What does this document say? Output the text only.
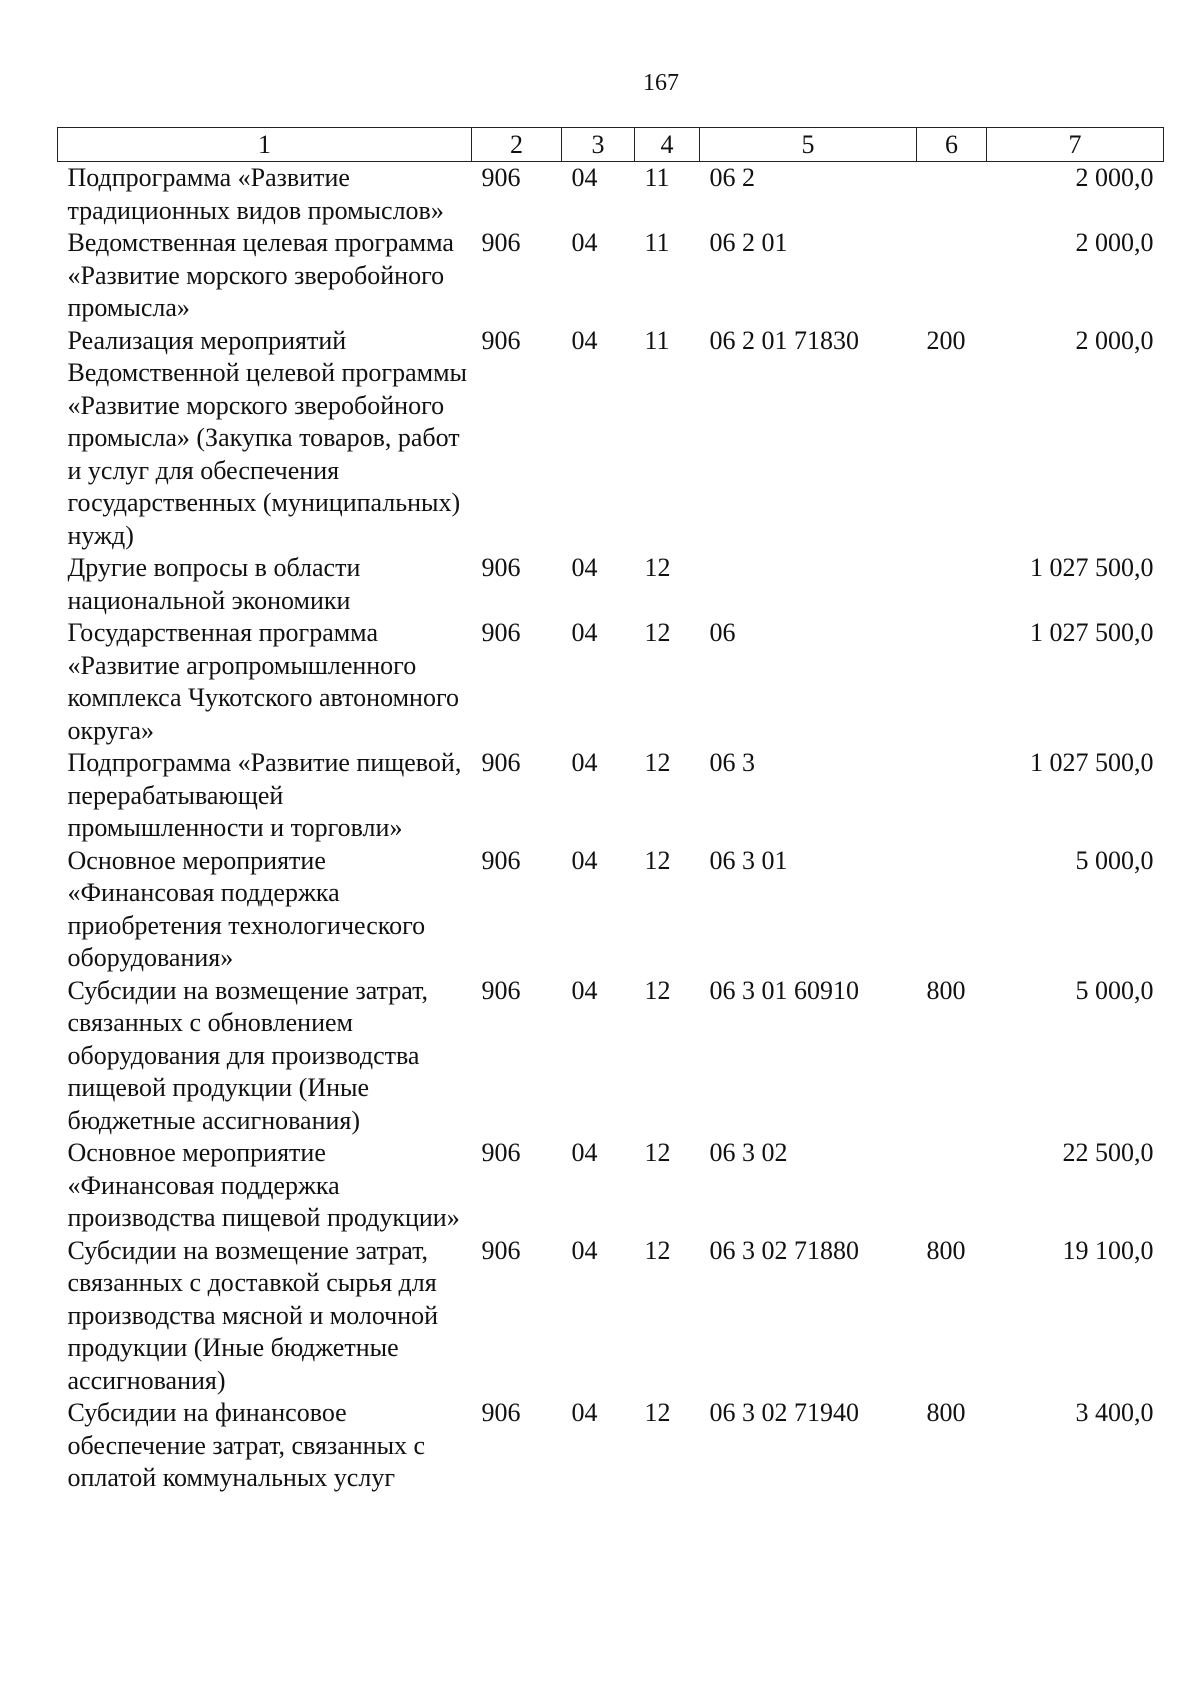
167
1	2	3	4	5	6	7
Подпрограмма «Развитие традиционных видов промыслов»	906	04	11	06 2		2 000,0
Ведомственная целевая программа «Развитие морского зверобойного промысла»	906	04	11	06 2 01		2 000,0
Реализация мероприятий Ведомственной целевой программы «Развитие морского зверобойного промысла» (Закупка товаров, работ и услуг для обеспечения государственных (муниципальных) нужд)	906	04	11	06 2 01 71830	200	2 000,0
Другие вопросы в области национальной экономики	906	04	12			1 027 500,0
Государственная программа «Развитие агропромышленного комплекса Чукотского автономного округа»	906	04	12	06		1 027 500,0
Подпрограмма «Развитие пищевой, перерабатывающей промышленности и торговли»	906	04	12	06 3		1 027 500,0
Основное мероприятие «Финансовая поддержка приобретения технологического оборудования»	906	04	12	06 3 01		5 000,0
Субсидии на возмещение затрат, связанных с обновлением оборудования для производства пищевой продукции (Иные бюджетные ассигнования)	906	04	12	06 3 01 60910	800	5 000,0
Основное мероприятие «Финансовая поддержка производства пищевой продукции»	906	04	12	06 3 02		22 500,0
Субсидии на возмещение затрат, связанных с доставкой сырья для производства мясной и молочной продукции (Иные бюджетные ассигнования)	906	04	12	06 3 02 71880	800	19 100,0
Субсидии на финансовое обеспечение затрат, связанных с оплатой коммунальных услуг	906	04	12	06 3 02 71940	800	3 400,0
